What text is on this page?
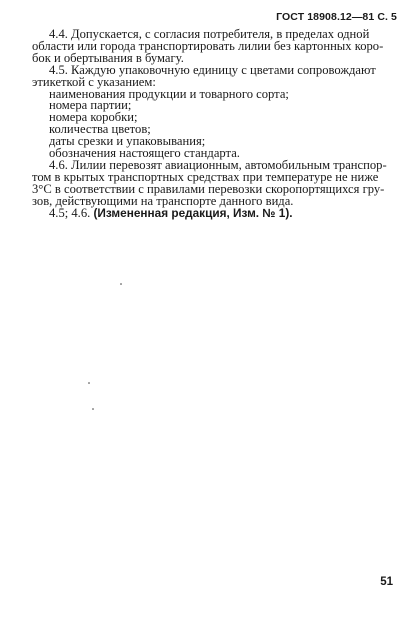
ГОСТ 18908.12—81 С. 5

4.4. Допускается, с согласия потребителя, в пределах одной

области или города транспортировать лилии без картонных коро-

бок и обертывания в бумагу.

4.5. Каждую упаковочную единицу с цветами сопровождают

этикеткой с указанием:

наименования продукции и товарного сорта;

номера партии;

номера коробки;

количества цветов;

даты срезки и упаковывания;

обозначения настоящего стандарта.

4.6. Лилии перевозят авиационным, автомобильным транспор-

том в крытых транспортных средствах при температуре не ниже

3°С в соответствии с правилами перевозки скоропортящихся гру-

зов, действующими на транспорте данного вида.

4.5; 4.6. (Измененная редакция, Изм. № 1).

51
